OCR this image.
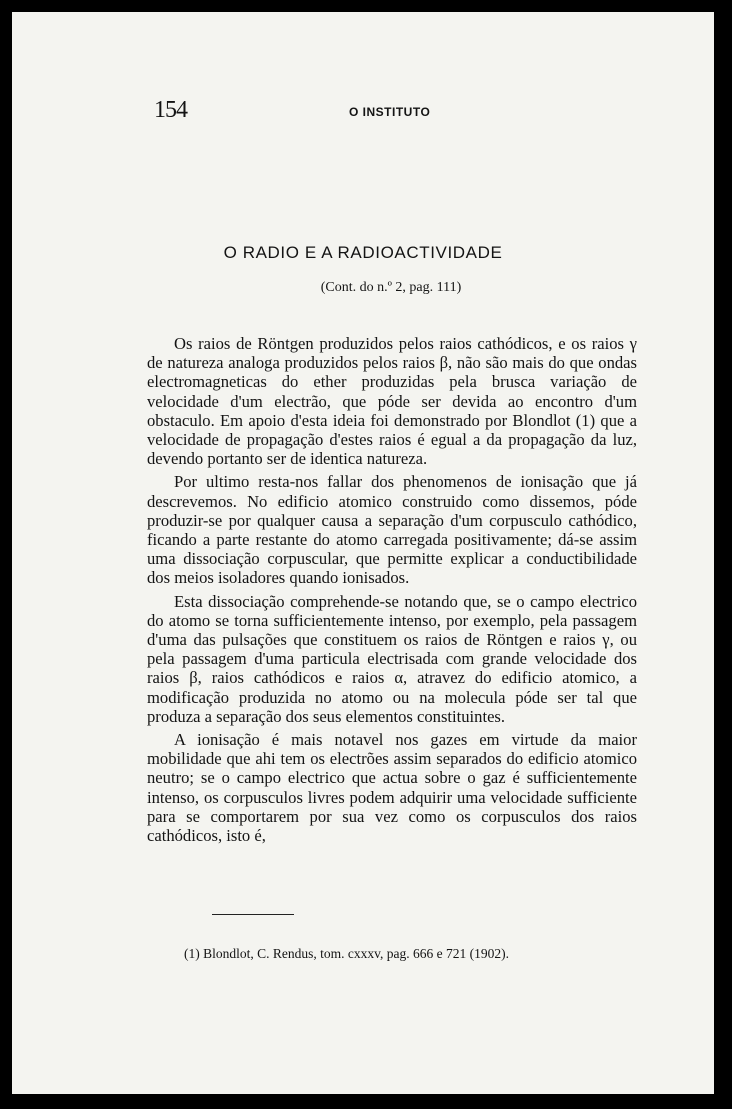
154	O INSTITUTO
O RADIO E A RADIOACTIVIDADE
(Cont. do n.º 2, pag. 111)

Os raios de Röntgen produzidos pelos raios cathódicos, e os raios γ de natureza analoga produzidos pelos raios β, não são mais do que ondas electromagneticas do ether produzidas pela brusca variação de velocidade d'um electrão, que póde ser devida ao encontro d'um obstaculo. Em apoio d'esta ideia foi demonstrado por Blondlot (1) que a velocidade de propagação d'estes raios é egual a da propagação da luz, devendo portanto ser de identica natureza.

Por ultimo resta-nos fallar dos phenomenos de ionisação que já descrevemos. No edificio atomico construido como dissemos, póde produzir-se por qualquer causa a separação d'um corpusculo cathódico, ficando a parte restante do atomo carregada positivamente; dá-se assim uma dissociação corpuscular, que permitte explicar a conductibilidade dos meios isoladores quando ionisados.

Esta dissociação comprehende-se notando que, se o campo electrico do atomo se torna sufficientemente intenso, por exemplo, pela passagem d'uma das pulsações que constituem os raios de Röntgen e raios γ, ou pela passagem d'uma particula electrisada com grande velocidade dos raios β, raios cathódicos e raios α, atravez do edificio atomico, a modificação produzida no atomo ou na molecula póde ser tal que produza a separação dos seus elementos constituintes.

A ionisação é mais notavel nos gazes em virtude da maior mobilidade que ahi tem os electrões assim separados do edificio atomico neutro; se o campo electrico que actua sobre o gaz é sufficientemente intenso, os corpusculos livres podem adquirir uma velocidade sufficiente para se comportarem por sua vez como os corpusculos dos raios cathódicos, isto é,

(1) Blondlot, C. Rendus, tom. cxxxv, pag. 666 e 721 (1902).
